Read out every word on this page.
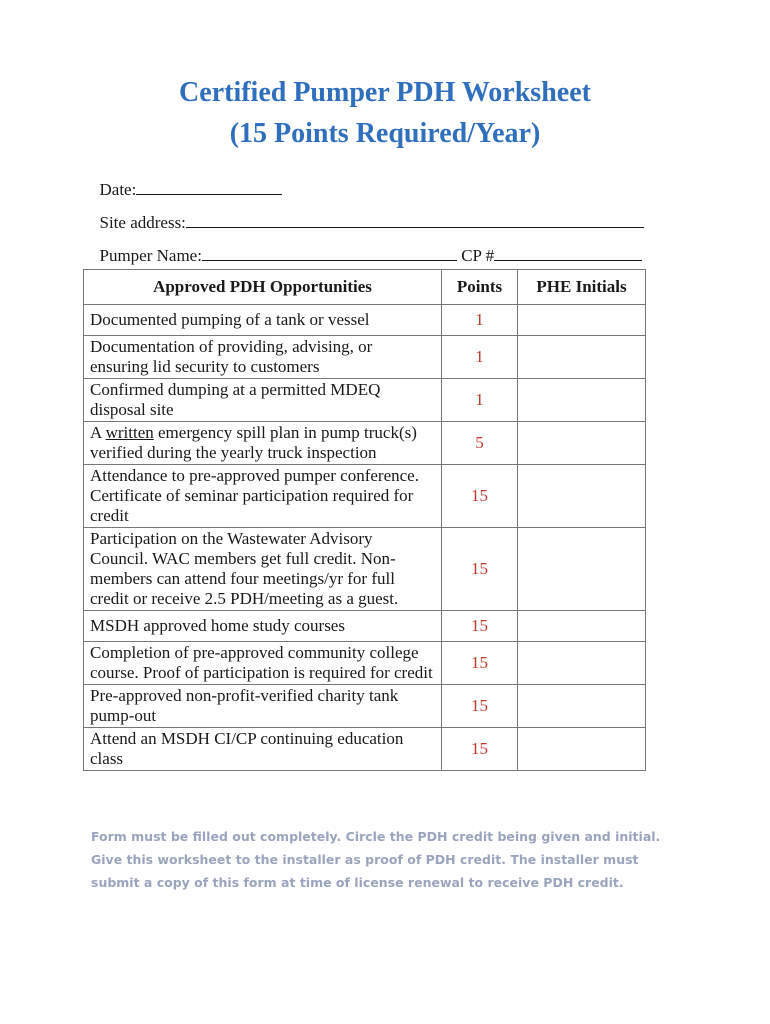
Certified Pumper PDH Worksheet
(15 Points Required/Year)

Date:

Site address:

Pumper Name:	CP #

Approved PDH Opportunities	Points	PHE Initials
Documented pumping of a tank or vessel	1	
Documentation of providing, advising, or
ensuring lid security to customers	1	
Confirmed dumping at a permitted MDEQ
disposal site	1	
A written emergency spill plan in pump truck(s)
verified during the yearly truck inspection	5	
Attendance to pre-approved pumper conference.
Certificate of seminar participation required for
credit	15	
Participation on the Wastewater Advisory
Council. WAC members get full credit. Non-
members can attend four meetings/yr for full
credit or receive 2.5 PDH/meeting as a guest.	15	
MSDH approved home study courses	15	
Completion of pre-approved community college
course. Proof of participation is required for credit	15	
Pre-approved non-profit-verified charity tank
pump-out	15	
Attend an MSDH CI/CP continuing education
class	15	

Form must be filled out completely. Circle the PDH credit being given and initial.

Give this worksheet to the installer as proof of PDH credit. The installer must

submit a copy of this form at time of license renewal to receive PDH credit.
